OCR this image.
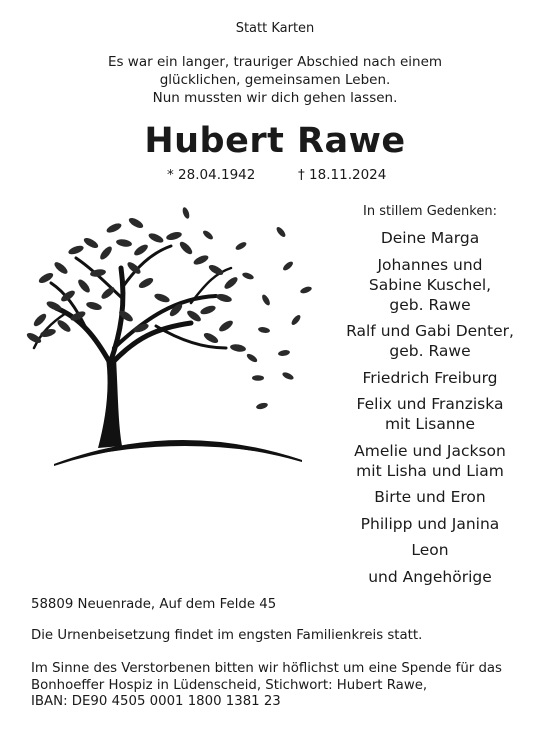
Statt Karten
Es war ein langer, trauriger Abschied nach einem
glücklichen, gemeinsamen Leben.
Nun mussten wir dich gehen lassen.
Hubert Rawe
* 28.04.1942	† 18.11.2024
In stillem Gedenken:
Deine Marga
Johannes und
Sabine Kuschel,
geb. Rawe
Ralf und Gabi Denter,
geb. Rawe
Friedrich Freiburg
Felix und Franziska
mit Lisanne
Amelie und Jackson
mit Lisha und Liam
Birte und Eron
Philipp und Janina
Leon
und Angehörige
58809 Neuenrade, Auf dem Felde 45
Die Urnenbeisetzung findet im engsten Familienkreis statt.
Im Sinne des Verstorbenen bitten wir höflichst um eine Spende für das
Bonhoeffer Hospiz in Lüdenscheid, Stichwort: Hubert Rawe,
IBAN: DE90 4505 0001 1800 1381 23
